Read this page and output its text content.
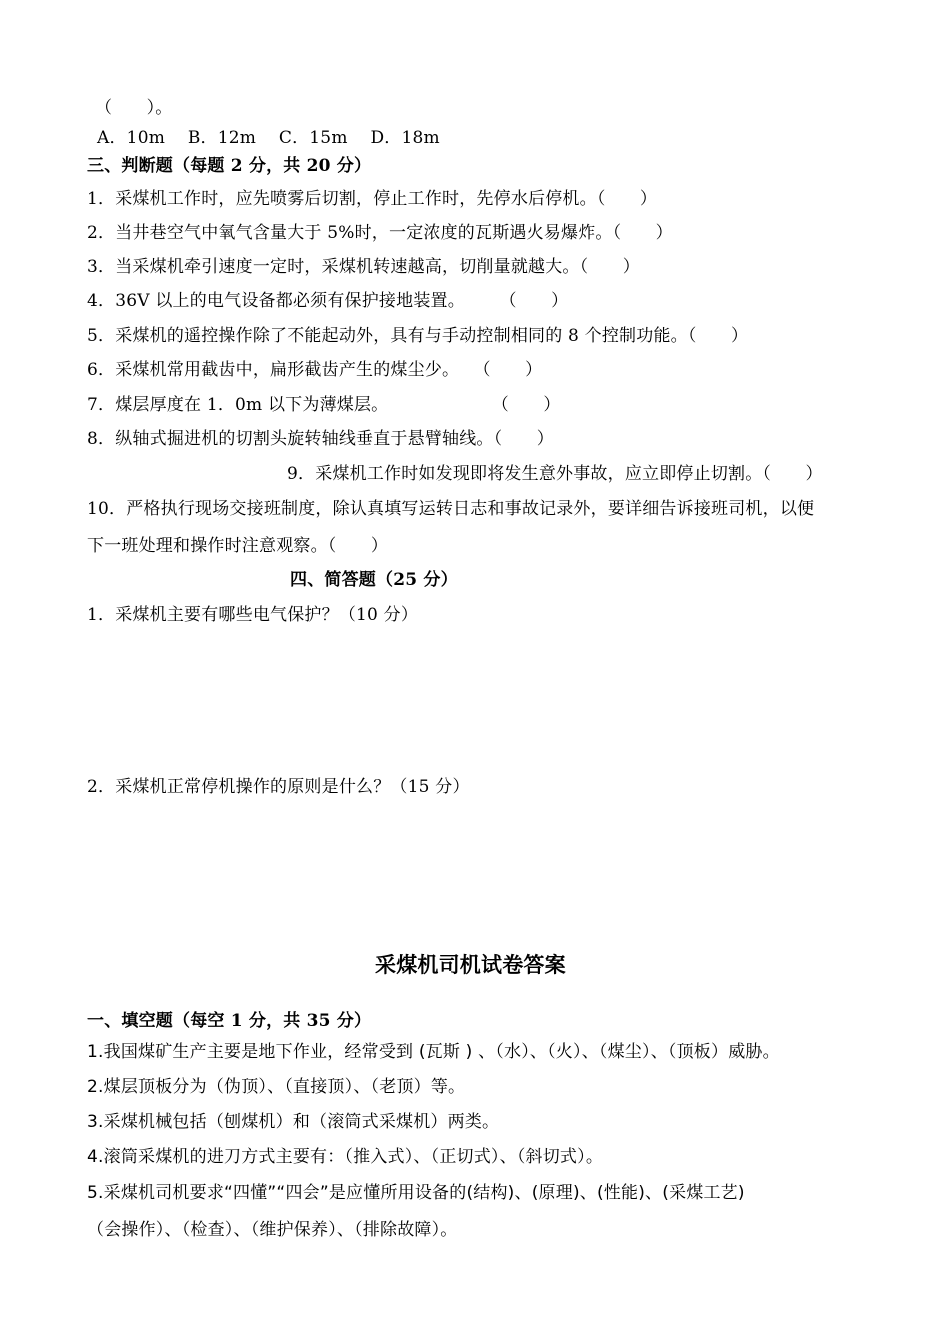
（　　）。
A．10m　 B．12m　 C．15m　 D．18m
三、判断题（每题 2 分，共 20 分）
1．采煤机工作时，应先喷雾后切割，停止工作时，先停水后停机。（　　）
2．当井巷空气中氧气含量大于 5%时，一定浓度的瓦斯遇火易爆炸。（　　）
3．当采煤机牵引速度一定时，采煤机转速越高，切削量就越大。（　　）
4．36V 以上的电气设备都必须有保护接地装置。　　　（　　）
5．采煤机的遥控操作除了不能起动外，具有与手动控制相同的 8 个控制功能。（　　）
6．采煤机常用截齿中，扁形截齿产生的煤尘少。　 （　　）
7．煤层厚度在 1．0m 以下为薄煤层。　　　　　　　（　　）
8．纵轴式掘进机的切割头旋转轴线垂直于悬臂轴线。（　　）
9．采煤机工作时如发现即将发生意外事故，应立即停止切割。（　　）
10．严格执行现场交接班制度，除认真填写运转日志和事故记录外，要详细告诉接班司机，以便
下一班处理和操作时注意观察。（　　）
四、简答题（25 分）
1．采煤机主要有哪些电气保护？（10 分）
2．采煤机正常停机操作的原则是什么？（15 分）
采煤机司机试卷答案
一、填空题（每空 1 分，共 35 分）
1.我国煤矿生产主要是地下作业，经常受到 (瓦斯 ) 、（水）、（火）、（煤尘）、（顶板）威胁。
2.煤层顶板分为（伪顶）、（直接顶）、（老顶）等。
3.采煤机械包括（刨煤机）和（滚筒式采煤机）两类。
4.滚筒采煤机的进刀方式主要有：（推入式）、（正切式）、（斜切式）。
5.采煤机司机要求“四懂”“四会”是应懂所用设备的(结构)、(原理)、(性能)、(采煤工艺)
（会操作）、（检查）、（维护保养）、（排除故障）。
